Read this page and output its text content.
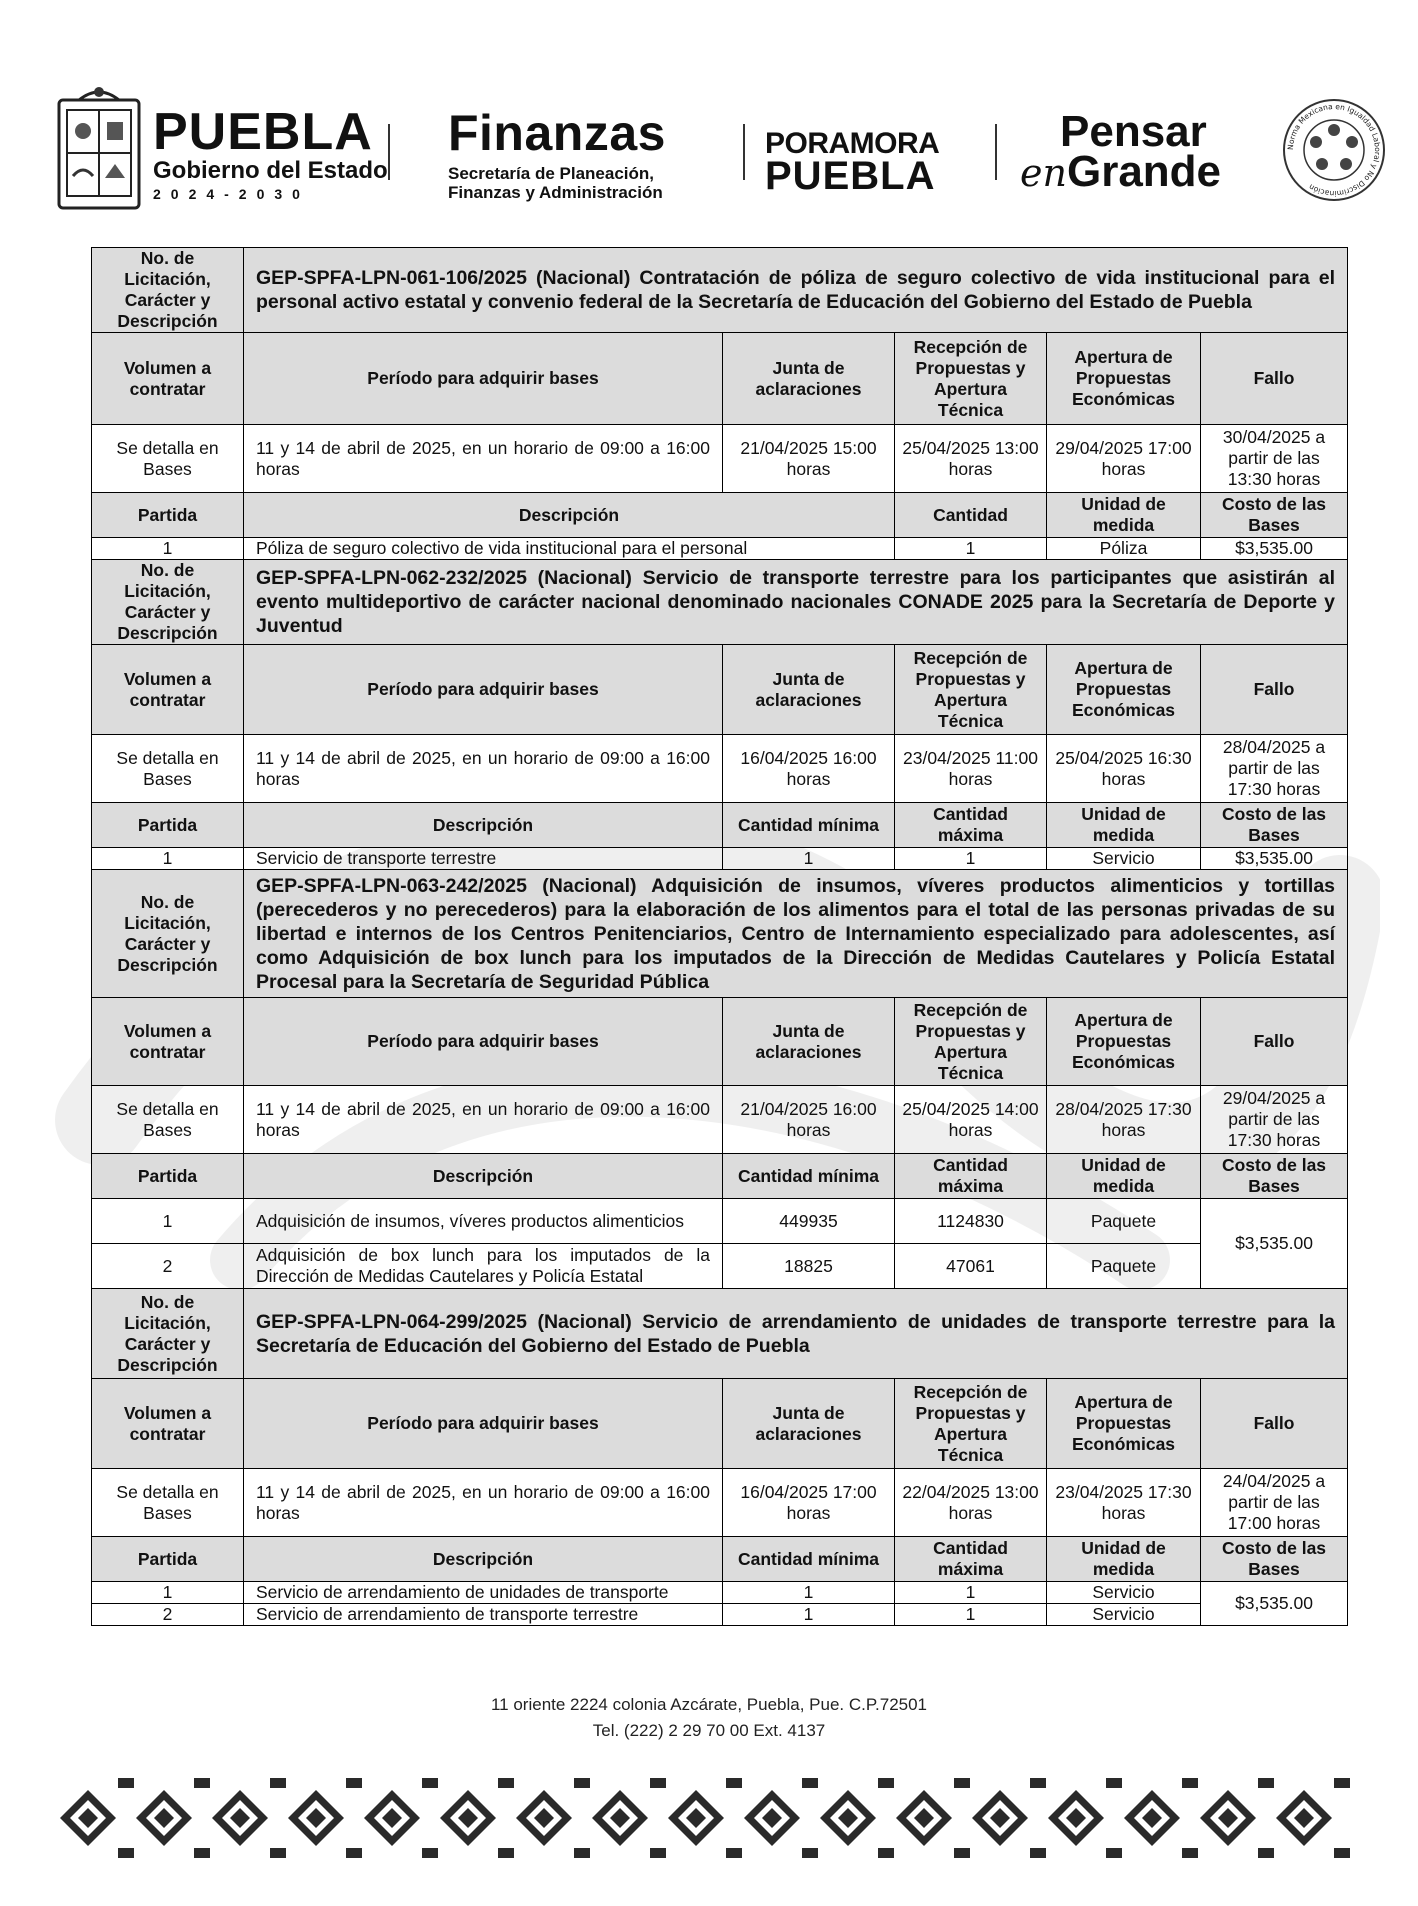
PUEBLA
Gobierno del Estado
2024-2030
Finanzas
Secretaría de Planeación,
Finanzas y Administración
PORAMORA
PUEBLA
Pensar
enGrande	Norma Mexicana en Igualdad Laboral y No Discriminación
No. de Licitación, Carácter y Descripción	GEP-SPFA-LPN-061-106/2025 (Nacional) Contratación de póliza de seguro colectivo de vida institucional para el personal activo estatal y convenio federal de la Secretaría de Educación del Gobierno del Estado de Puebla				
Volumen a contratar	Período para adquirir bases	Junta de aclaraciones	Recepción de Propuestas y Apertura Técnica	Apertura de Propuestas Económicas	Fallo
Se detalla en Bases	11 y 14 de abril de 2025, en un horario de 09:00 a 16:00 horas	21/04/2025 15:00 horas	25/04/2025 13:00 horas	29/04/2025 17:00 horas	30/04/2025 a partir de las 13:30 horas
Partida	Descripción		Cantidad	Unidad de medida	Costo de las Bases
1	Póliza de seguro colectivo de vida institucional para el personal		1	Póliza	$3,535.00
No. de Licitación, Carácter y Descripción	GEP-SPFA-LPN-062-232/2025 (Nacional) Servicio de transporte terrestre para los participantes que asistirán al evento multideportivo de carácter nacional denominado nacionales CONADE 2025 para la Secretaría de Deporte y Juventud				
Volumen a contratar	Período para adquirir bases	Junta de aclaraciones	Recepción de Propuestas y Apertura Técnica	Apertura de Propuestas Económicas	Fallo
Se detalla en Bases	11 y 14 de abril de 2025, en un horario de 09:00 a 16:00 horas	16/04/2025 16:00 horas	23/04/2025 11:00 horas	25/04/2025 16:30 horas	28/04/2025 a partir de las 17:30 horas
Partida	Descripción	Cantidad mínima	Cantidad máxima	Unidad de medida	Costo de las Bases
1	Servicio de transporte terrestre	1	1	Servicio	$3,535.00
No. de Licitación, Carácter y Descripción	GEP-SPFA-LPN-063-242/2025 (Nacional) Adquisición de insumos, víveres productos alimenticios y tortillas (perecederos y no perecederos) para la elaboración de los alimentos para el total de las personas privadas de su libertad e internos de los Centros Penitenciarios, Centro de Internamiento especializado para adolescentes, así como Adquisición de box lunch para los imputados de la Dirección de Medidas Cautelares y Policía Estatal Procesal para la Secretaría de Seguridad Pública				
Volumen a contratar	Período para adquirir bases	Junta de aclaraciones	Recepción de Propuestas y Apertura Técnica	Apertura de Propuestas Económicas	Fallo
Se detalla en Bases	11 y 14 de abril de 2025, en un horario de 09:00 a 16:00 horas	21/04/2025 16:00 horas	25/04/2025 14:00 horas	28/04/2025 17:30 horas	29/04/2025 a partir de las 17:30 horas
Partida	Descripción	Cantidad mínima	Cantidad máxima	Unidad de medida	Costo de las Bases
1	Adquisición de insumos, víveres productos alimenticios	449935	1124830	Paquete	$3,535.00
2	Adquisición de box lunch para los imputados de la Dirección de Medidas Cautelares y Policía Estatal	18825	47061	Paquete	
No. de Licitación, Carácter y Descripción	GEP-SPFA-LPN-064-299/2025 (Nacional) Servicio de arrendamiento de unidades de transporte terrestre para la Secretaría de Educación del Gobierno del Estado de Puebla				
Volumen a contratar	Período para adquirir bases	Junta de aclaraciones	Recepción de Propuestas y Apertura Técnica	Apertura de Propuestas Económicas	Fallo
Se detalla en Bases	11 y 14 de abril de 2025, en un horario de 09:00 a 16:00 horas	16/04/2025 17:00 horas	22/04/2025 13:00 horas	23/04/2025 17:30 horas	24/04/2025 a partir de las 17:00 horas
Partida	Descripción	Cantidad mínima	Cantidad máxima	Unidad de medida	Costo de las Bases
1	Servicio de arrendamiento de unidades de transporte	1	1	Servicio	$3,535.00
2	Servicio de arrendamiento de transporte terrestre	1	1	Servicio	
11 oriente 2224 colonia Azcárate, Puebla, Pue. C.P.72501
Tel. (222) 2 29 70 00 Ext. 4137
